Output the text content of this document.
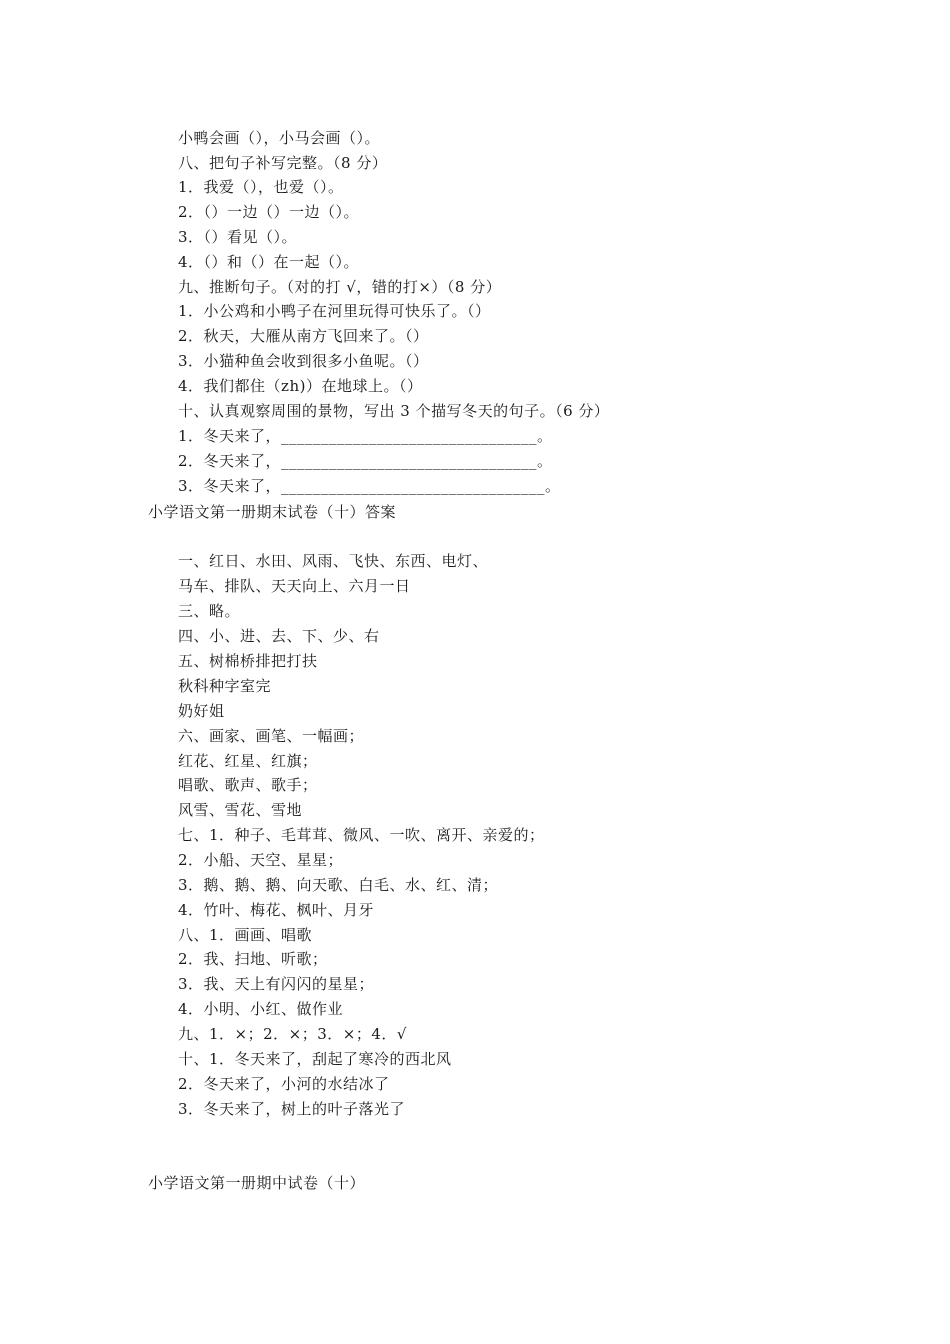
小鸭会画（），小马会画（）。
八、把句子补写完整。（8 分）
1．我爱（），也爱（）。
2．（）一边（）一边（）。
3．（）看见（）。
4．（）和（）在一起（）。
九、推断句子。（对的打 √，错的打×）（8 分）
1．小公鸡和小鸭子在河里玩得可快乐了。（）
2．秋天，大雁从南方飞回来了。（）
3．小猫种鱼会收到很多小鱼呢。（）
4．我们都住（zh)）在地球上。（）
十、认真观察周围的景物，写出 3 个描写冬天的句子。（6 分）
1．冬天来了，________________________________。
2．冬天来了，________________________________。
3．冬天来了，_________________________________。
小学语文第一册期末试卷（十）答案
一、红日、水田、风雨、飞快、东西、电灯、
马车、排队、天天向上、六月一日
三、略。
四、小、进、去、下、少、右
五、树棉桥排把打扶
秋科种字室完
奶好姐
六、画家、画笔、一幅画；
红花、红星、红旗；
唱歌、歌声、歌手；
风雪、雪花、雪地
七、1．种子、毛茸茸、微风、一吹、离开、亲爱的；
2．小船、天空、星星；
3．鹅、鹅、鹅、向天歌、白毛、水、红、清；
4．竹叶、梅花、枫叶、月牙
八、1．画画、唱歌
2．我、扫地、听歌；
3．我、天上有闪闪的星星；
4．小明、小红、做作业
九、1．×；2．×；3．×；4．√
十、1．冬天来了，刮起了寒冷的西北风
2．冬天来了，小河的水结冰了
3．冬天来了，树上的叶子落光了
小学语文第一册期中试卷（十）
